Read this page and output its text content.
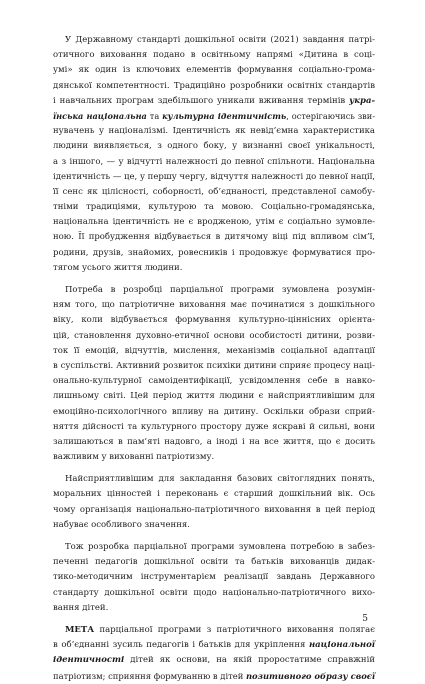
У Державному стандарті дошкільної освіти (2021) завдання патрі-
отичного виховання подано в освітньому напрямі «Дитина в соці-
умі» як один із ключових елементів формування соціально-грома-
дянської компетентності. Традиційно розробники освітніх стандартів
і навчальних програм здебільшого уникали вживання термінів укра-
їнська національна та культурна ідентичність, остерігаючись зви-
нувачень у націоналізмі. Ідентичність як невід’ємна характеристика
людини виявляється, з одного боку, у визнанні своєї унікальності,
а з іншого, — у відчутті належності до певної спільноти. Національна
ідентичність — це, у першу чергу, відчуття належності до певної нації,
її сенс як цілісності, соборності, об’єднаності, представленої самобу-
тніми традиціями, культурою та мовою. Соціально-громадянська,
національна ідентичність не є вродженою, утім є соціально зумовле-
ною. Її пробудження відбувається в дитячому віці під впливом сім’ї,
родини, друзів, знайомих, ровесників і продовжує формуватися про-
тягом усього життя людини.
Потреба в розробці парціальної програми зумовлена розумін-
ням того, що патріотичне виховання має починатися з дошкільного
віку, коли відбувається формування культурно-ціннісних орієнта-
цій, становлення духовно-етичної основи особистості дитини, розви-
ток її емоцій, відчуттів, мислення, механізмів соціальної адаптації
в суспільстві. Активний розвиток психіки дитини сприяє процесу наці-
онально-культурної самоідентифікації, усвідомлення себе в навко-
лишньому світі. Цей період життя людини є найсприятливішим для
емоційно-психологічного впливу на дитину. Оскільки образи сприй-
няття дійсності та культурного простору дуже яскраві й сильні, вони
залишаються в пам’яті надовго, а іноді і на все життя, що є досить
важливим у вихованні патріотизму.
Найсприятливішим для закладання базових світоглядних понять,
моральних цінностей і переконань є старший дошкільний вік. Ось
чому організація національно-патріотичного виховання в цей період
набуває особливого значення.
Тож розробка парціальної програми зумовлена потребою в забез-
печенні педагогів дошкільної освіти та батьків вихованців дидак-
тико-методичним інструментарієм реалізації завдань Державного
стандарту дошкільної освіти щодо національно-патріотичного вихо-
вання дітей.
МЕТА парціальної програми з патріотичного виховання полягає
в об’єднанні зусиль педагогів і батьків для укріплення національної
ідентичності дітей як основи, на якій проростатиме справжній
патріотизм; сприяння формуванню в дітей позитивного образу своєї
5
